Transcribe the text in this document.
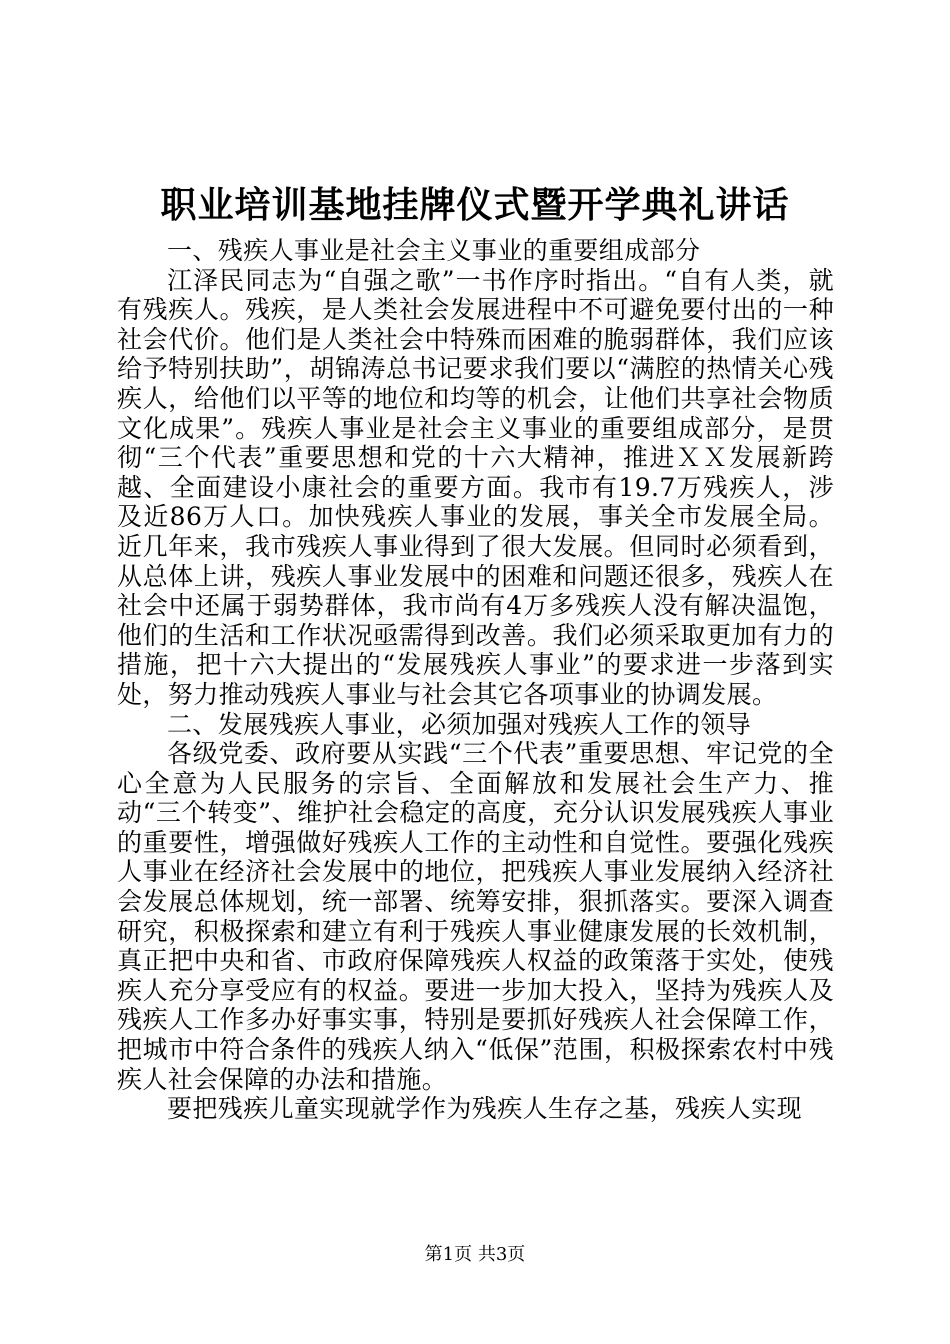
职业培训基地挂牌仪式暨开学典礼讲话

一、残疾人事业是社会主义事业的重要组成部分

江泽民同志为“自强之歌”一书作序时指出。“自有人类，就有残疾人。残疾，是人类社会发展进程中不可避免要付出的一种社会代价。他们是人类社会中特殊而困难的脆弱群体，我们应该给予特别扶助”，胡锦涛总书记要求我们要以“满腔的热情关心残疾人，给他们以平等的地位和均等的机会，让他们共享社会物质文化成果”。残疾人事业是社会主义事业的重要组成部分，是贯彻“三个代表”重要思想和党的十六大精神，推进ＸＸ发展新跨越、全面建设小康社会的重要方面。我市有19.7万残疾人，涉及近86万人口。加快残疾人事业的发展，事关全市发展全局。近几年来，我市残疾人事业得到了很大发展。但同时必须看到，从总体上讲，残疾人事业发展中的困难和问题还很多，残疾人在社会中还属于弱势群体，我市尚有4万多残疾人没有解决温饱，他们的生活和工作状况亟需得到改善。我们必须采取更加有力的措施，把十六大提出的“发展残疾人事业”的要求进一步落到实处，努力推动残疾人事业与社会其它各项事业的协调发展。

二、发展残疾人事业，必须加强对残疾人工作的领导

各级党委、政府要从实践“三个代表”重要思想、牢记党的全心全意为人民服务的宗旨、全面解放和发展社会生产力、推动“三个转变”、维护社会稳定的高度，充分认识发展残疾人事业的重要性，增强做好残疾人工作的主动性和自觉性。要强化残疾人事业在经济社会发展中的地位，把残疾人事业发展纳入经济社会发展总体规划，统一部署、统筹安排，狠抓落实。要深入调查研究，积极探索和建立有利于残疾人事业健康发展的长效机制，真正把中央和省、市政府保障残疾人权益的政策落于实处，使残疾人充分享受应有的权益。要进一步加大投入，坚持为残疾人及残疾人工作多办好事实事，特别是要抓好残疾人社会保障工作，把城市中符合条件的残疾人纳入“低保”范围，积极探索农村中残疾人社会保障的办法和措施。

要把残疾儿童实现就学作为残疾人生存之基，残疾人实现

第1页 共3页
